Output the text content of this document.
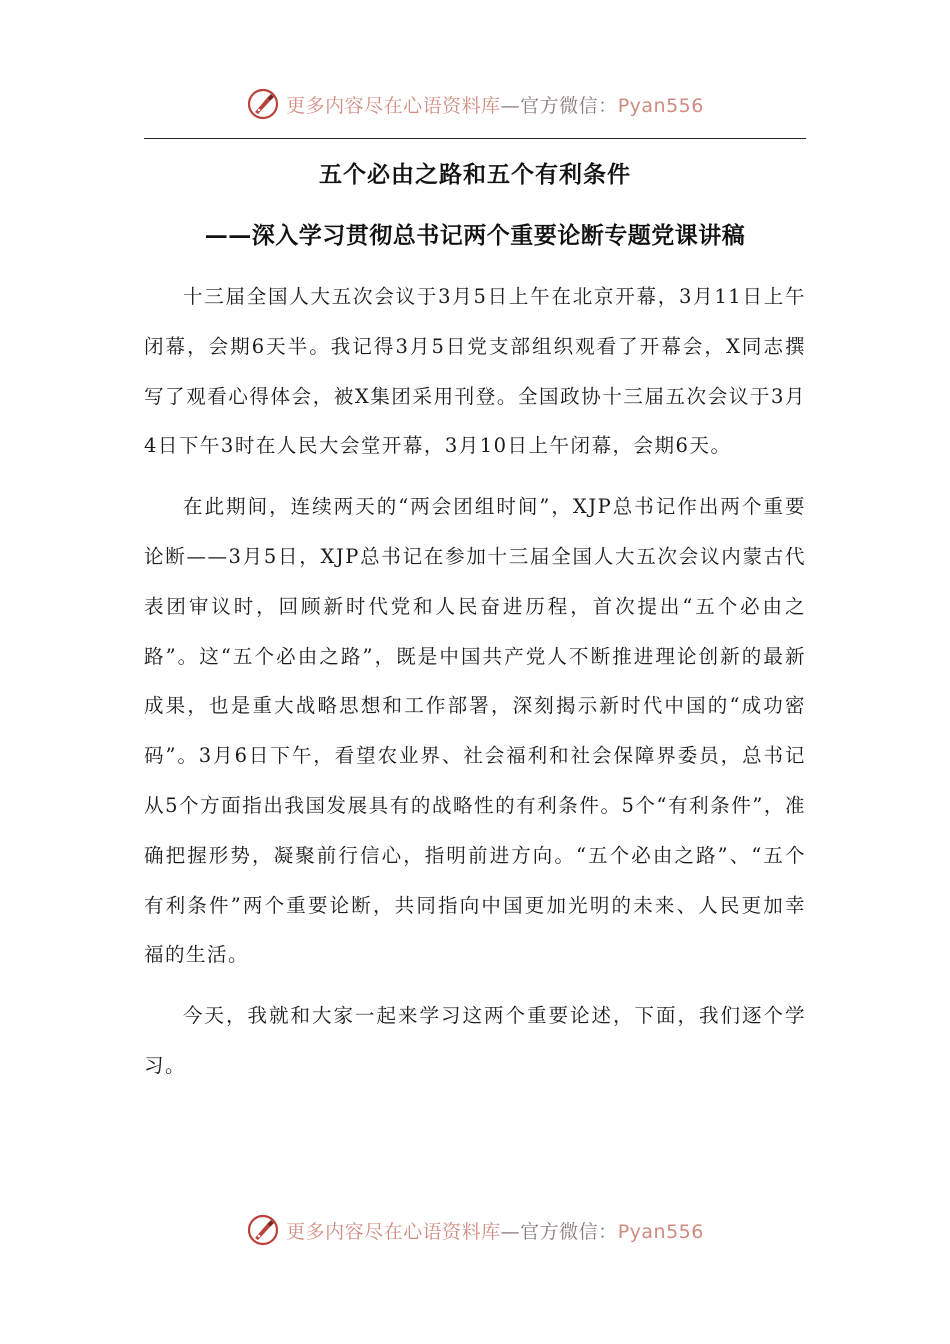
更多内容尽在心语资料库—官方微信：Pyan556
五个必由之路和五个有利条件
——深入学习贯彻总书记两个重要论断专题党课讲稿

十三届全国人大五次会议于3月5日上午在北京开幕，3月11日上午闭幕，会期6天半。我记得3月5日党支部组织观看了开幕会，X同志撰写了观看心得体会，被X集团采用刊登。全国政协十三届五次会议于3月4日下午3时在人民大会堂开幕，3月10日上午闭幕，会期6天。

在此期间，连续两天的“两会团组时间”，XJP总书记作出两个重要论断——3月5日，XJP总书记在参加十三届全国人大五次会议内蒙古代表团审议时，回顾新时代党和人民奋进历程，首次提出“五个必由之路”。这“五个必由之路”，既是中国共产党人不断推进理论创新的最新成果，也是重大战略思想和工作部署，深刻揭示新时代中国的“成功密码”。3月6日下午，看望农业界、社会福利和社会保障界委员，总书记从5个方面指出我国发展具有的战略性的有利条件。5个“有利条件”，准确把握形势，凝聚前行信心，指明前进方向。“五个必由之路”、“五个有利条件”两个重要论断，共同指向中国更加光明的未来、人民更加幸福的生活。

今天，我就和大家一起来学习这两个重要论述，下面，我们逐个学习。

更多内容尽在心语资料库—官方微信：Pyan556
